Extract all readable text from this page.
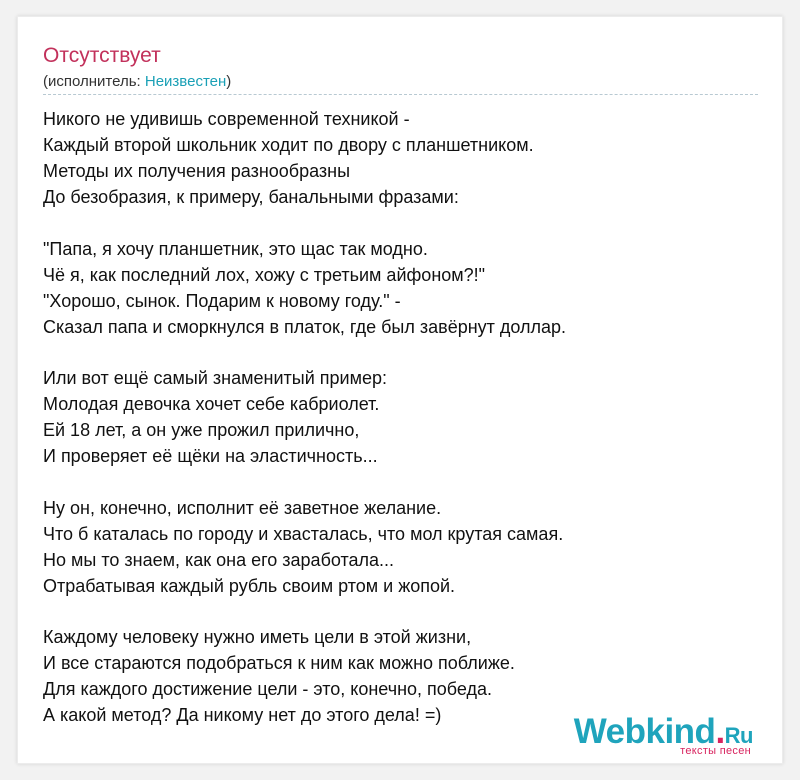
Отсутствует
(исполнитель: Неизвестен)
Никого не удивишь современной техникой -
Каждый второй школьник ходит по двору с планшетником.
Методы их получения разнообразны
До безобразия, к примеру, банальными фразами:
"Папа, я хочу планшетник, это щас так модно.
Чё я, как последний лох, хожу с третьим айфоном?!"
"Хорошо, сынок. Подарим к новому году." -
Сказал папа и сморкнулся в платок, где был завёрнут доллар.
Или вот ещё самый знаменитый пример:
Молодая девочка хочет себе кабриолет.
Ей 18 лет, а он уже прожил прилично,
И проверяет её щёки на эластичность...
Ну он, конечно, исполнит её заветное желание.
Что б каталась по городу и хвасталась, что мол крутая самая.
Но мы то знаем, как она его заработала...
Отрабатывая каждый рубль своим ртом и жопой.
Каждому человеку нужно иметь цели в этой жизни,
И все стараются подобраться к ним как можно поближе.
Для каждого достижение цели - это, конечно, победа.
А какой метод? Да никому нет до этого дела! =)	Webkind.Ru
тексты песен
